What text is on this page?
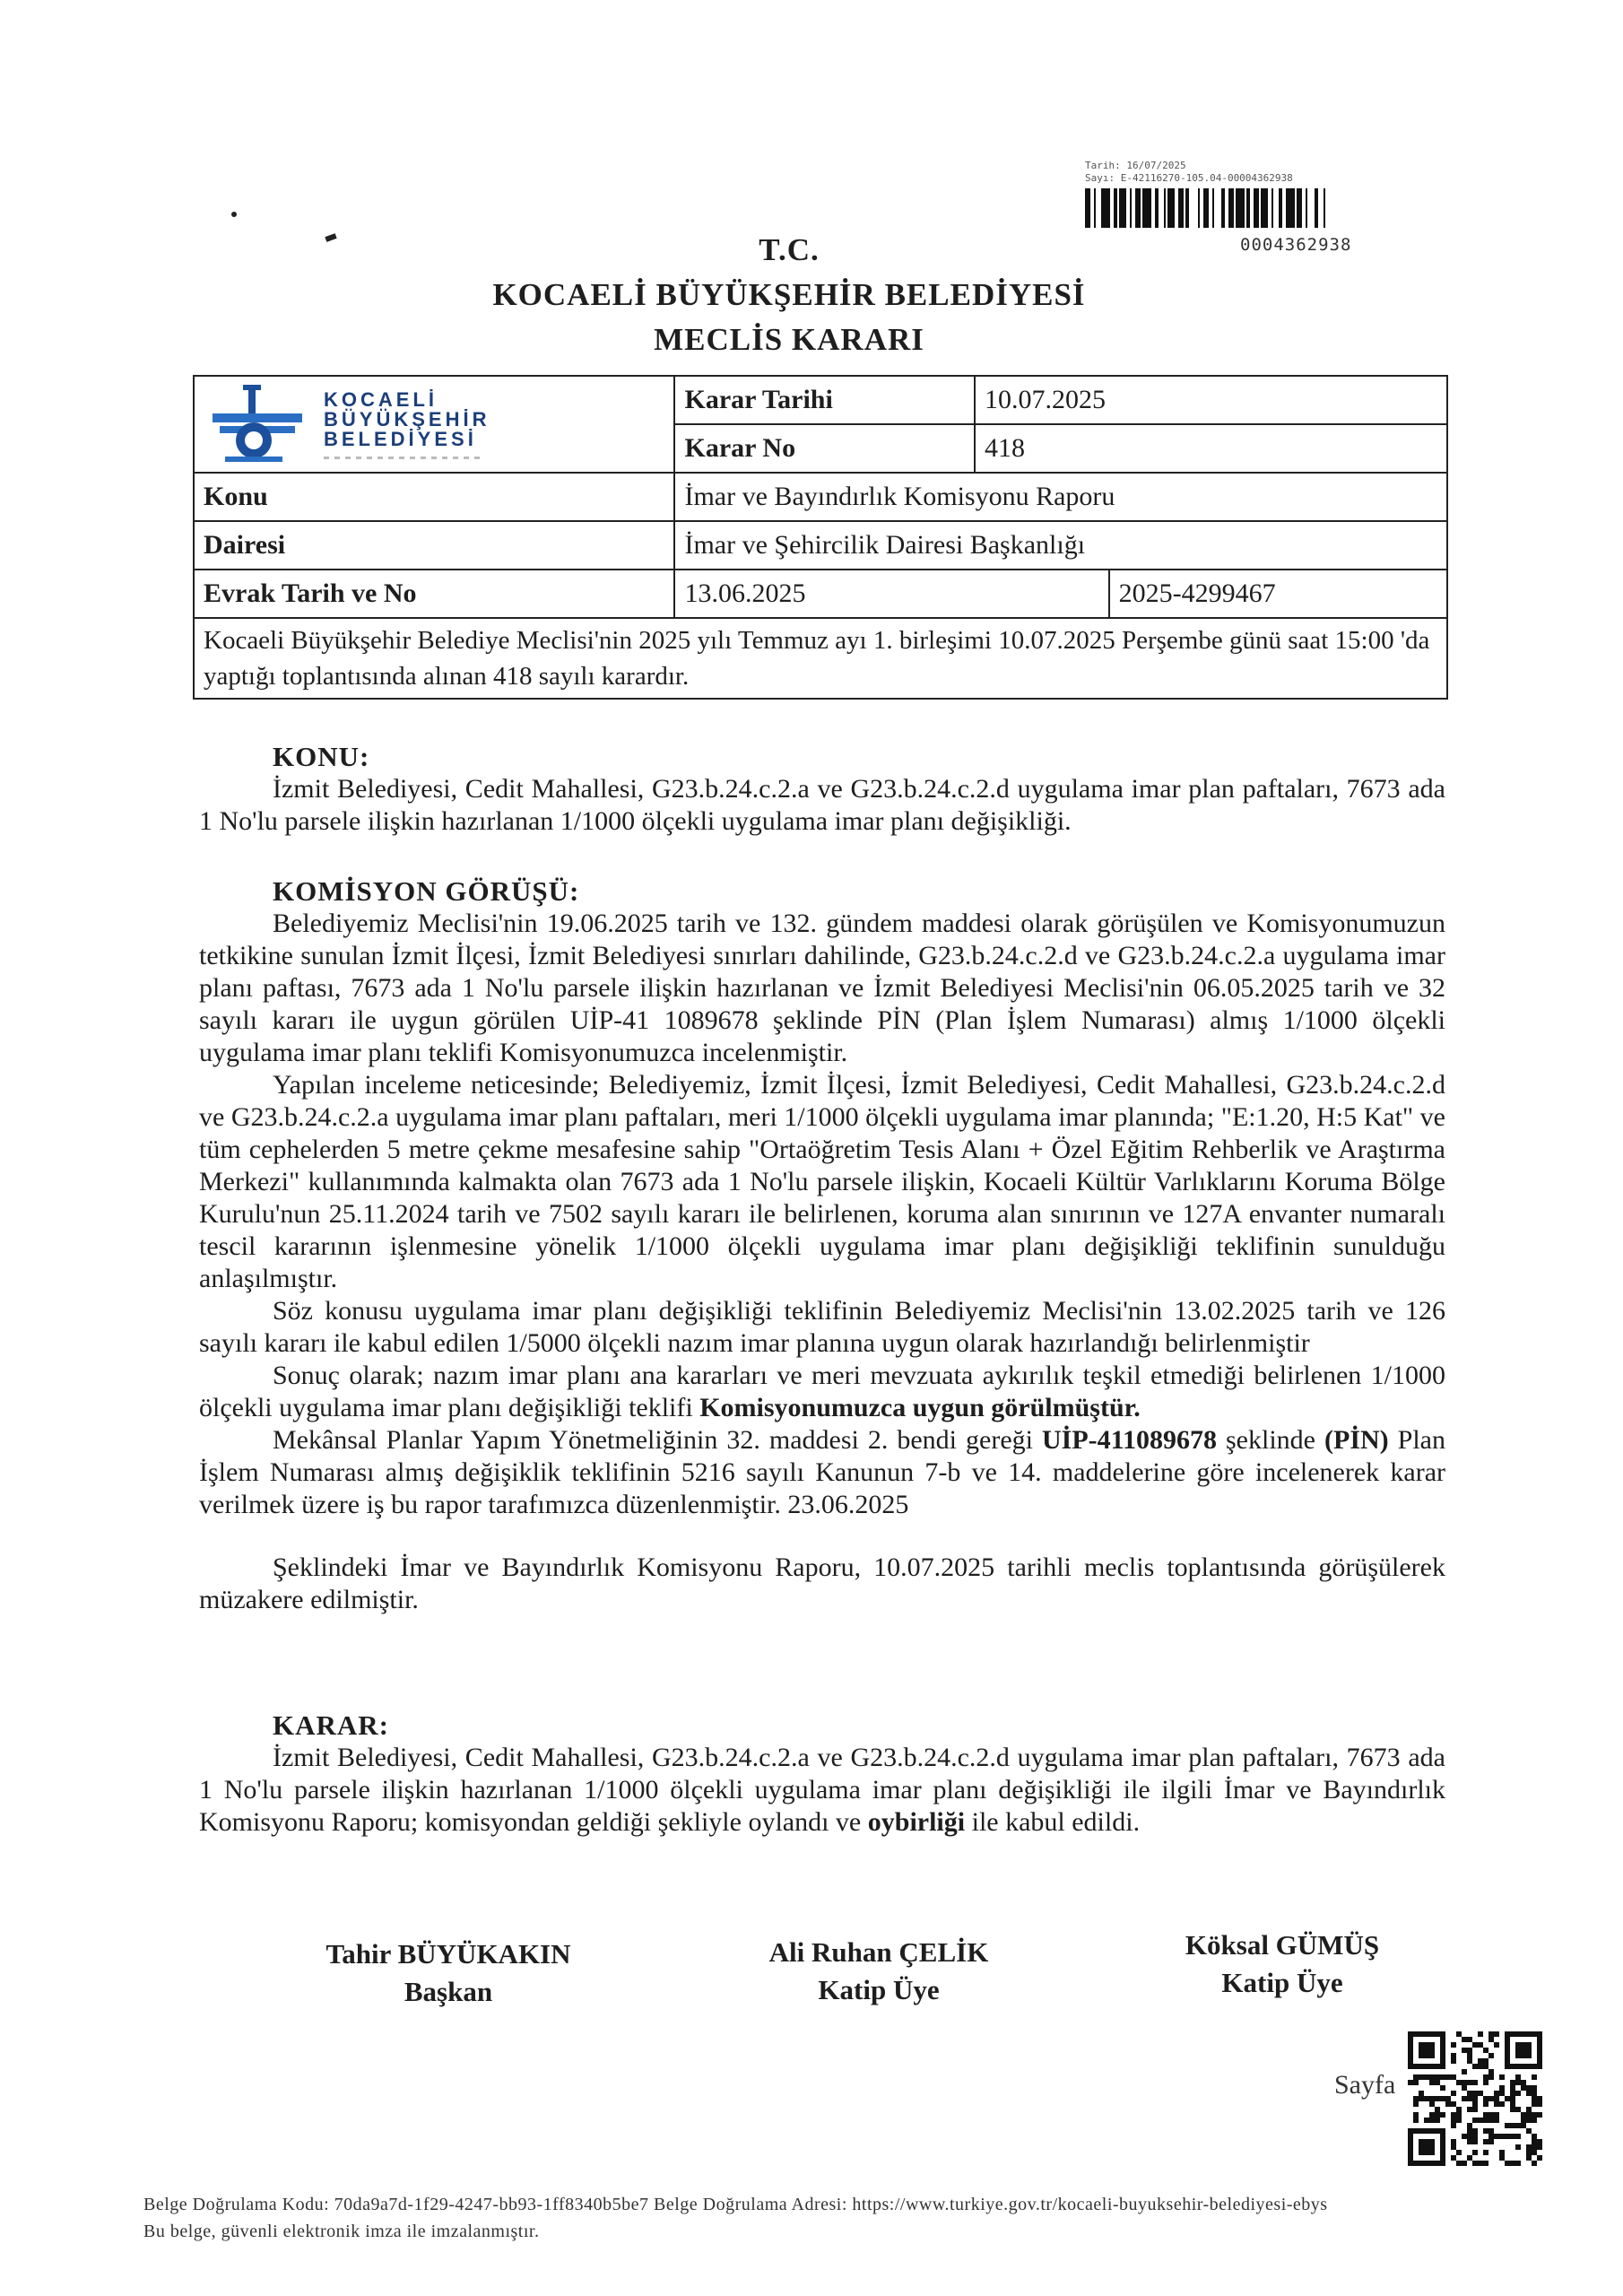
Tarih: 16/07/2025
Sayı: E-42116270-105.04-00004362938
0004362938
T.C.
KOCAELİ BÜYÜKŞEHİR BELEDİYESİ
MECLİS KARARI
KOCAELİ
BÜYÜKŞEHİR
BELEDİYESİ	Karar Tarihi	10.07.2025	
	Karar No	418	
Konu	İmar ve Bayındırlık Komisyonu Raporu		
Dairesi	İmar ve Şehircilik Dairesi Başkanlığı		
Evrak Tarih ve No	13.06.2025		2025-4299467
Kocaeli Büyükşehir Belediye Meclisi'nin 2025 yılı Temmuz ayı 1. birleşimi 10.07.2025 Perşembe günü saat 15:00 'da yaptığı toplantısında alınan 418 sayılı karardır.			
KONU:

İzmit Belediyesi, Cedit Mahallesi, G23.b.24.c.2.a ve G23.b.24.c.2.d uygulama imar plan paftaları, 7673 ada 1 No'lu parsele ilişkin hazırlanan 1/1000 ölçekli uygulama imar planı değişikliği.

KOMİSYON GÖRÜŞÜ:

Belediyemiz Meclisi'nin 19.06.2025 tarih ve 132. gündem maddesi olarak görüşülen ve Komisyonumuzun tetkikine sunulan İzmit İlçesi, İzmit Belediyesi sınırları dahilinde, G23.b.24.c.2.d ve G23.b.24.c.2.a uygulama imar planı paftası, 7673 ada 1 No'lu parsele ilişkin hazırlanan ve İzmit Belediyesi Meclisi'nin 06.05.2025 tarih ve 32 sayılı kararı ile uygun görülen UİP-41 1089678 şeklinde PİN (Plan İşlem Numarası) almış 1/1000 ölçekli uygulama imar planı teklifi Komisyonumuzca incelenmiştir.

Yapılan inceleme neticesinde; Belediyemiz, İzmit İlçesi, İzmit Belediyesi, Cedit Mahallesi, G23.b.24.c.2.d ve G23.b.24.c.2.a uygulama imar planı paftaları, meri 1/1000 ölçekli uygulama imar planında; "E:1.20, H:5 Kat" ve tüm cephelerden 5 metre çekme mesafesine sahip "Ortaöğretim Tesis Alanı + Özel Eğitim Rehberlik ve Araştırma Merkezi" kullanımında kalmakta olan 7673 ada 1 No'lu parsele ilişkin, Kocaeli Kültür Varlıklarını Koruma Bölge Kurulu'nun 25.11.2024 tarih ve 7502 sayılı kararı ile belirlenen, koruma alan sınırının ve 127A envanter numaralı tescil kararının işlenmesine yönelik 1/1000 ölçekli uygulama imar planı değişikliği teklifinin sunulduğu anlaşılmıştır.

Söz konusu uygulama imar planı değişikliği teklifinin Belediyemiz Meclisi'nin 13.02.2025 tarih ve 126 sayılı kararı ile kabul edilen 1/5000 ölçekli nazım imar planına uygun olarak hazırlandığı belirlenmiştir

Sonuç olarak; nazım imar planı ana kararları ve meri mevzuata aykırılık teşkil etmediği belirlenen 1/1000 ölçekli uygulama imar planı değişikliği teklifi Komisyonumuzca uygun görülmüştür.

Mekânsal Planlar Yapım Yönetmeliğinin 32. maddesi 2. bendi gereği UİP-411089678 şeklinde (PİN) Plan İşlem Numarası almış değişiklik teklifinin 5216 sayılı Kanunun 7-b ve 14. maddelerine göre incelenerek karar verilmek üzere iş bu rapor tarafımızca düzenlenmiştir. 23.06.2025

Şeklindeki İmar ve Bayındırlık Komisyonu Raporu, 10.07.2025 tarihli meclis toplantısında görüşülerek müzakere edilmiştir.

KARAR:

İzmit Belediyesi, Cedit Mahallesi, G23.b.24.c.2.a ve G23.b.24.c.2.d uygulama imar plan paftaları, 7673 ada 1 No'lu parsele ilişkin hazırlanan 1/1000 ölçekli uygulama imar planı değişikliği ile ilgili İmar ve Bayındırlık Komisyonu Raporu; komisyondan geldiği şekliyle oylandı ve oybirliği ile kabul edildi.

Tahir BÜYÜKAKIN
Başkan
Ali Ruhan ÇELİK
Katip Üye
Köksal GÜMÜŞ
Katip Üye
Sayfa
Belge Doğrulama Kodu: 70da9a7d-1f29-4247-bb93-1ff8340b5be7 Belge Doğrulama Adresi: https://www.turkiye.gov.tr/kocaeli-buyuksehir-belediyesi-ebys
Bu belge, güvenli elektronik imza ile imzalanmıştır.
